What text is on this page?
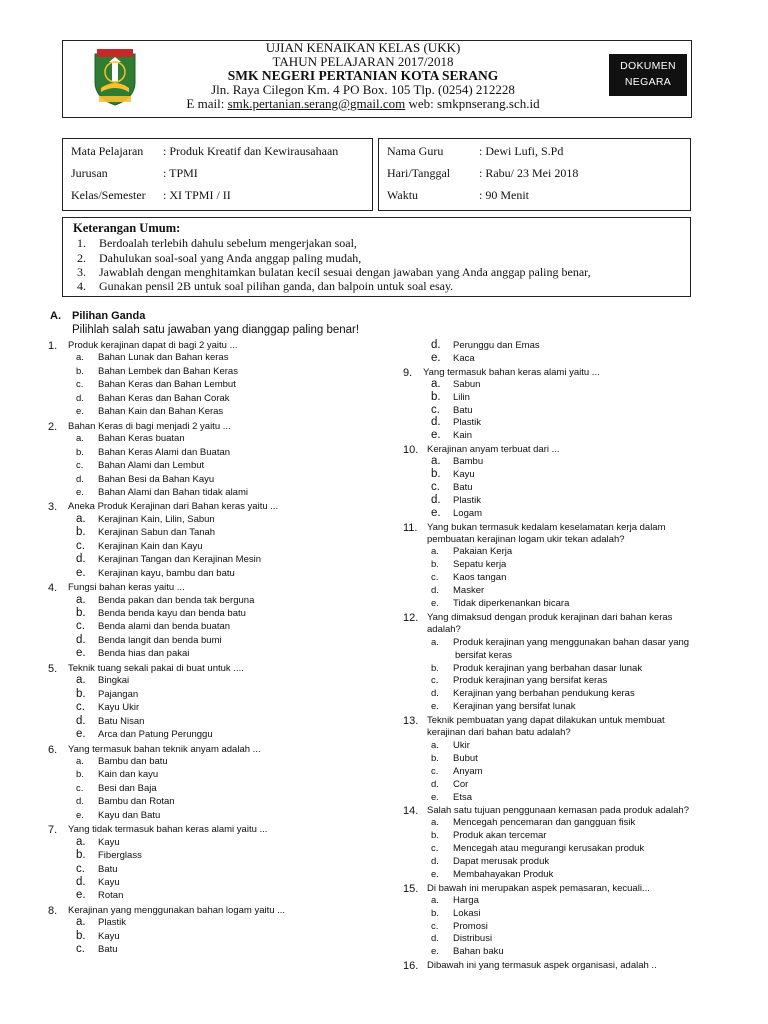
UJIAN KENAIKAN KELAS (UKK)
TAHUN PELAJARAN 2017/2018
SMK NEGERI PERTANIAN KOTA SERANG
Jln. Raya Cilegon Km. 4 PO Box. 105 Tlp. (0254) 212228
E mail: smk.pertanian.serang@gmail.com web: smkpnserang.sch.id
DOKUMEN
NEGARA
Mata Pelajaran : Produk Kreatif dan Kewirausahaan
Jurusan	: TPMI
Kelas/Semester : XI TPMI / II
Nama Guru	: Dewi Lufi, S.Pd
Hari/Tanggal : Rabu/ 23 Mei 2018
Waktu	: 90 Menit
Keterangan Umum:
1. Berdoalah terlebih dahulu sebelum mengerjakan soal,
2. Dahulukan soal-soal yang Anda anggap paling mudah,
3. Jawablah dengan menghitamkan bulatan kecil sesuai dengan jawaban yang Anda anggap paling benar,
4. Gunakan pensil 2B untuk soal pilihan ganda, dan balpoin untuk soal esay.
A. Pilihan Ganda
Pilihlah salah satu jawaban yang dianggap paling benar!
1. Produk kerajinan dapat di bagi 2 yaitu ...
a. Bahan Lunak dan Bahan keras
b. Bahan Lembek dan Bahan Keras
c. Bahan Keras dan Bahan Lembut
d. Bahan Keras dan Bahan Corak
e. Bahan Kain dan Bahan Keras
2. Bahan Keras di bagi menjadi 2 yaitu ...
a. Bahan Keras buatan
b. Bahan Keras Alami dan Buatan
c. Bahan Alami dan Lembut
d. Bahan Besi da Bahan Kayu
e. Bahan Alami dan Bahan tidak alami
3. Aneka Produk Kerajinan dari Bahan keras yaitu ...
a. Kerajinan Kain, Lilin, Sabun
b. Kerajinan Sabun dan Tanah
c. Kerajinan Kain dan Kayu
d. Kerajinan Tangan dan Kerajinan Mesin
e. Kerajinan kayu, bambu dan batu
4. Fungsi bahan keras yaitu ...
a. Benda pakan dan benda tak berguna
b. Benda benda kayu dan benda batu
c. Benda alami dan benda buatan
d. Benda langit dan benda bumi
e. Benda hias dan pakai
5. Teknik tuang sekali pakai di buat untuk ....
a. Bingkai
b. Pajangan
c. Kayu Ukir
d. Batu Nisan
e. Arca dan Patung Perunggu
6. Yang termasuk bahan teknik anyam adalah ...
a. Bambu dan batu
b. Kain dan kayu
c. Besi dan Baja
d. Bambu dan Rotan
e. Kayu dan Batu
7. Yang tidak termasuk bahan keras alami yaitu ...
a. Kayu
b. Fiberglass
c. Batu
d. Kayu
e. Rotan
8. Kerajinan yang menggunakan bahan logam yaitu ...
a. Plastik
b. Kayu
c. Batu
d. Perunggu dan Emas
e. Kaca
9. Yang termasuk bahan keras alami yaitu ...
a. Sabun
b. Lilin
c. Batu
d. Plastik
e. Kain
10. Kerajinan anyam terbuat dari ...
a. Bambu
b. Kayu
c. Batu
d. Plastik
e. Logam
11. Yang bukan termasuk kedalam keselamatan kerja dalam
pembuatan kerajinan logam ukir tekan adalah?
a. Pakaian Kerja
b. Sepatu kerja
c. Kaos tangan
d. Masker
e. Tidak diperkenankan bicara
12. Yang dimaksud dengan produk kerajinan dari bahan keras
adalah?
a. Produk kerajinan yang menggunakan bahan dasar yang
bersifat keras
b. Produk kerajinan yang berbahan dasar lunak
c. Produk kerajinan yang bersifat keras
d. Kerajinan yang berbahan pendukung keras
e. Kerajinan yang bersifat lunak
13. Teknik pembuatan yang dapat dilakukan untuk membuat
kerajinan dari bahan batu adalah?
a. Ukir
b. Bubut
c. Anyam
d. Cor
e. Etsa
14. Salah satu tujuan penggunaan kemasan pada produk adalah?
a. Mencegah pencemaran dan gangguan fisik
b. Produk akan tercemar
c. Mencegah atau megurangi kerusakan produk
d. Dapat merusak produk
e. Membahayakan Produk
15. Di bawah ini merupakan aspek pemasaran, kecuali...
a. Harga
b. Lokasi
c. Promosi
d. Distribusi
e. Bahan baku
16. Dibawah ini yang termasuk aspek organisasi, adalah ..
